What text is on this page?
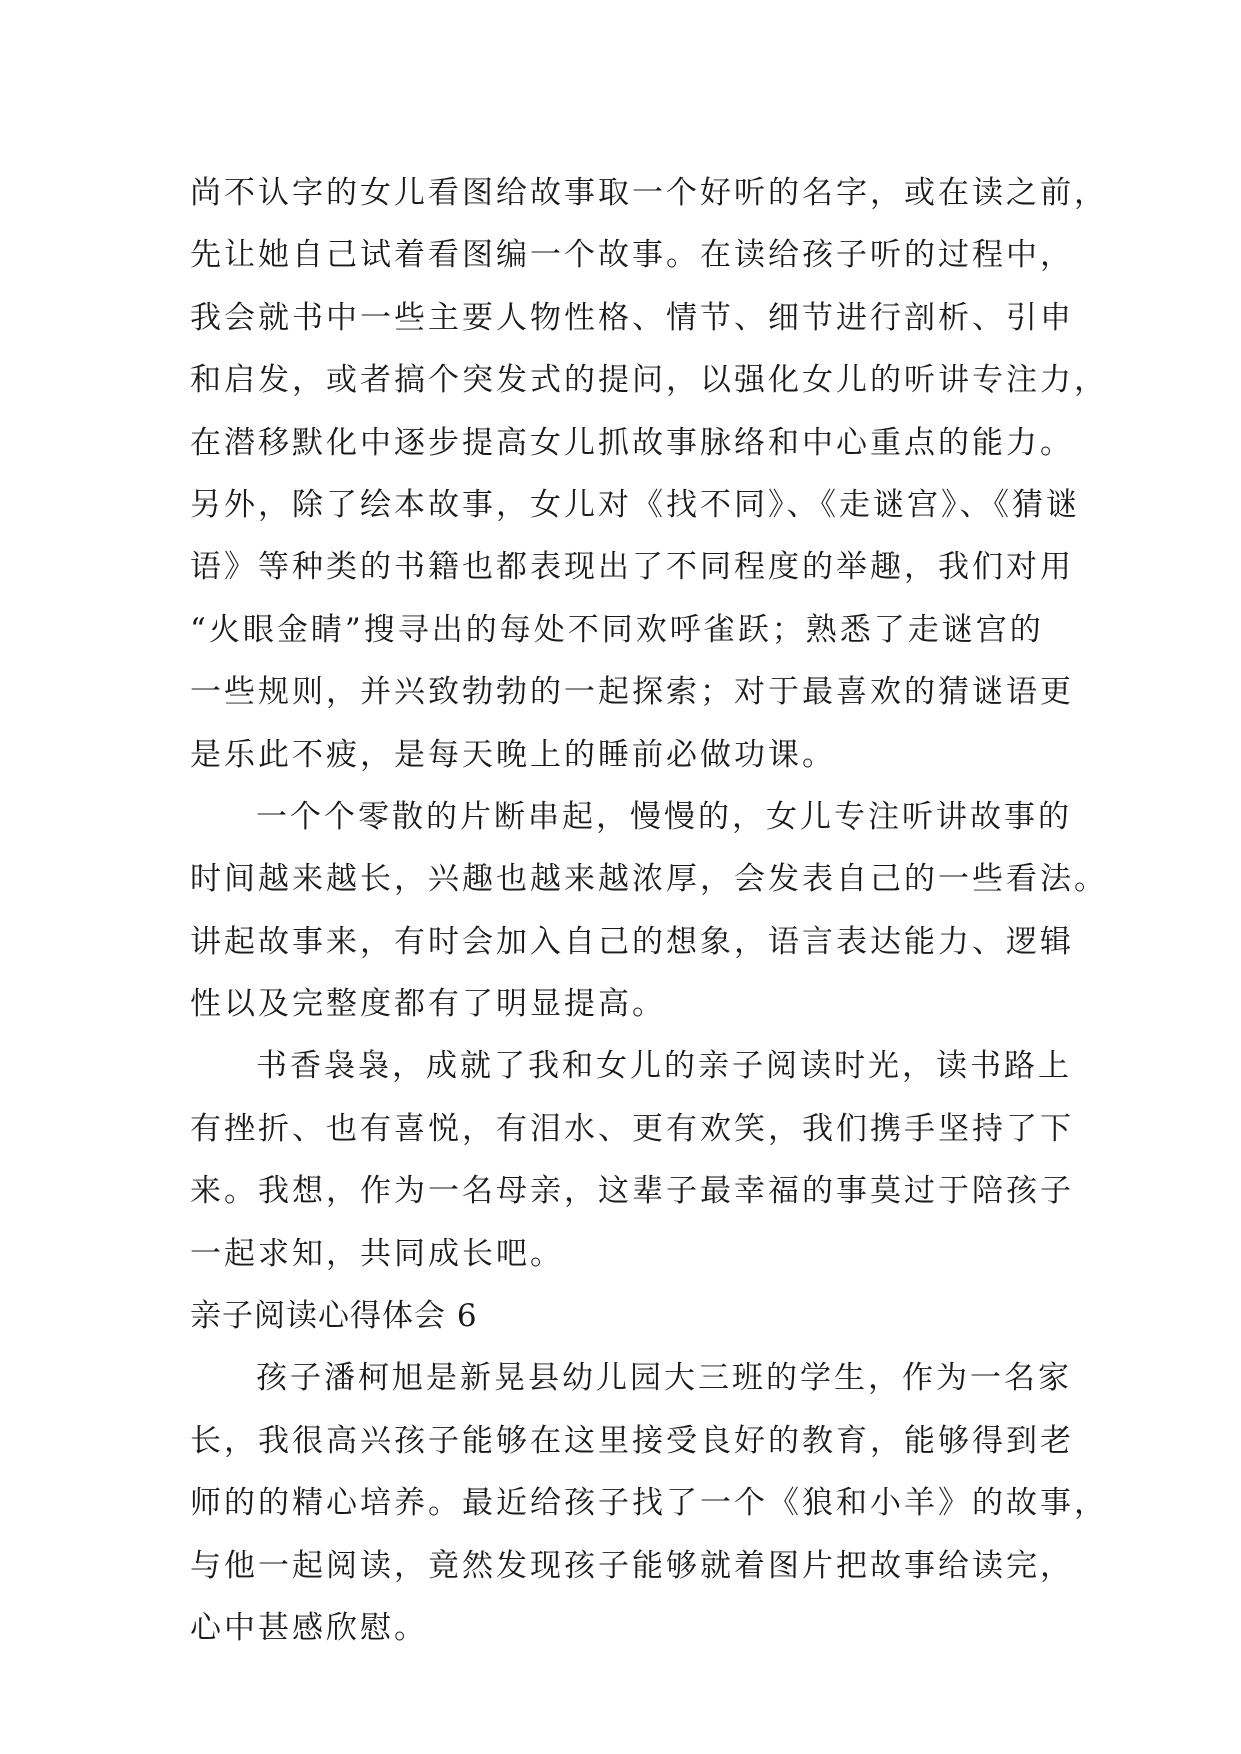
尚不认字的女儿看图给故事取一个好听的名字，或在读之前，
先让她自己试着看图编一个故事。在读给孩子听的过程中，
我会就书中一些主要人物性格、情节、细节进行剖析、引申
和启发，或者搞个突发式的提问，以强化女儿的听讲专注力，
在潜移默化中逐步提高女儿抓故事脉络和中心重点的能力。
另外，除了绘本故事，女儿对《找不同》、《走谜宫》、《猜谜
语》等种类的书籍也都表现出了不同程度的举趣，我们对用
“火眼金睛”搜寻出的每处不同欢呼雀跃；熟悉了走谜宫的
一些规则，并兴致勃勃的一起探索；对于最喜欢的猜谜语更
是乐此不疲，是每天晚上的睡前必做功课。
一个个零散的片断串起，慢慢的，女儿专注听讲故事的
时间越来越长，兴趣也越来越浓厚，会发表自己的一些看法。
讲起故事来，有时会加入自己的想象，语言表达能力、逻辑
性以及完整度都有了明显提高。
书香袅袅，成就了我和女儿的亲子阅读时光，读书路上
有挫折、也有喜悦，有泪水、更有欢笑，我们携手坚持了下
来。我想，作为一名母亲，这辈子最幸福的事莫过于陪孩子
一起求知，共同成长吧。
亲子阅读心得体会 6
孩子潘柯旭是新晃县幼儿园大三班的学生，作为一名家
长，我很高兴孩子能够在这里接受良好的教育，能够得到老
师的的精心培养。最近给孩子找了一个《狼和小羊》的故事，
与他一起阅读，竟然发现孩子能够就着图片把故事给读完，
心中甚感欣慰。
